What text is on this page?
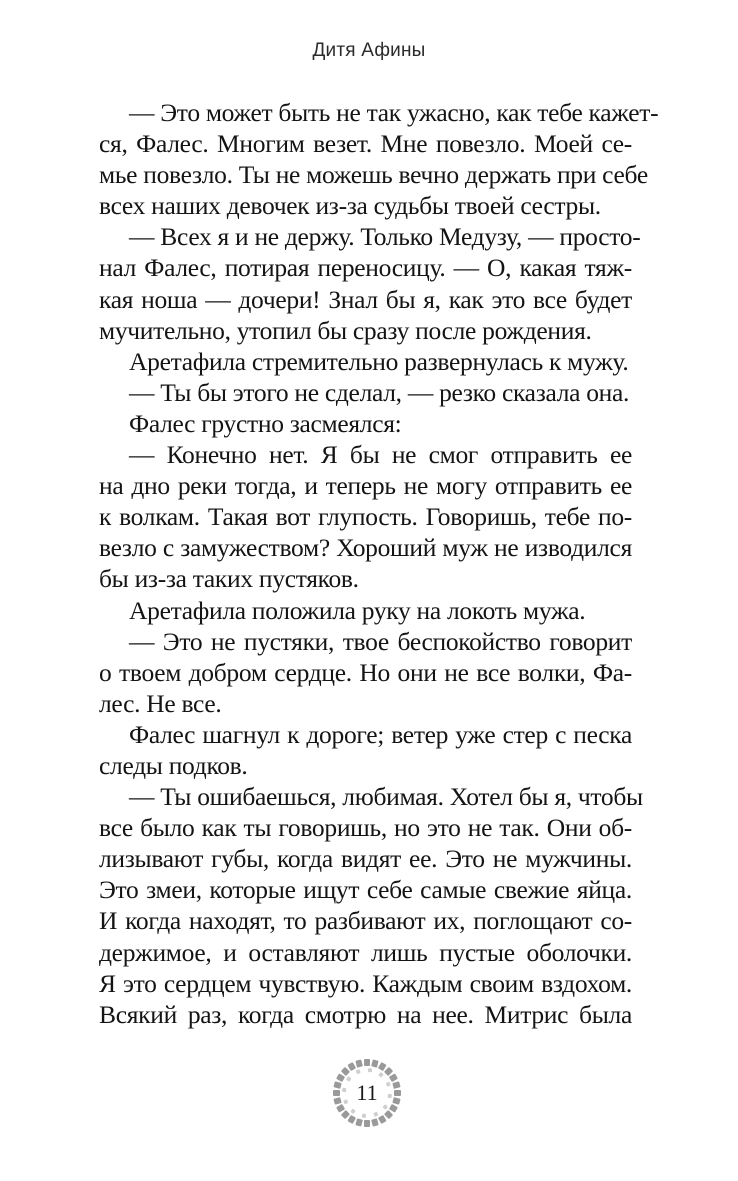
Дитя Афины
— Это может быть не так ужасно, как тебе кажет-
ся, Фалес. Многим везет. Мне повезло. Моей се-
мье повезло. Ты не можешь вечно держать при себе
всех наших девочек из-за судьбы твоей сестры.
— Всех я и не держу. Только Медузу, — просто-
нал Фалес, потирая переносицу. — О, какая тяж-
кая ноша — дочери! Знал бы я, как это все будет
мучительно, утопил бы сразу после рождения.
Аретафила стремительно развернулась к мужу.
— Ты бы этого не сделал, — резко сказала она.
Фалес грустно засмеялся:
— Конечно нет. Я бы не смог отправить ее
на дно реки тогда, и теперь не могу отправить ее
к волкам. Такая вот глупость. Говоришь, тебе по-
везло с замужеством? Хороший муж не изводился
бы из-за таких пустяков.
Аретафила положила руку на локоть мужа.
— Это не пустяки, твое беспокойство говорит
о твоем добром сердце. Но они не все волки, Фа-
лес. Не все.
Фалес шагнул к дороге; ветер уже стер с песка
следы подков.
— Ты ошибаешься, любимая. Хотел бы я, чтобы
все было как ты говоришь, но это не так. Они об-
лизывают губы, когда видят ее. Это не мужчины.
Это змеи, которые ищут себе самые свежие яйца.
И когда находят, то разбивают их, поглощают со-
держимое, и оставляют лишь пустые оболочки.
Я это сердцем чувствую. Каждым своим вздохом.
Всякий раз, когда смотрю на нее. Митрис была
11
